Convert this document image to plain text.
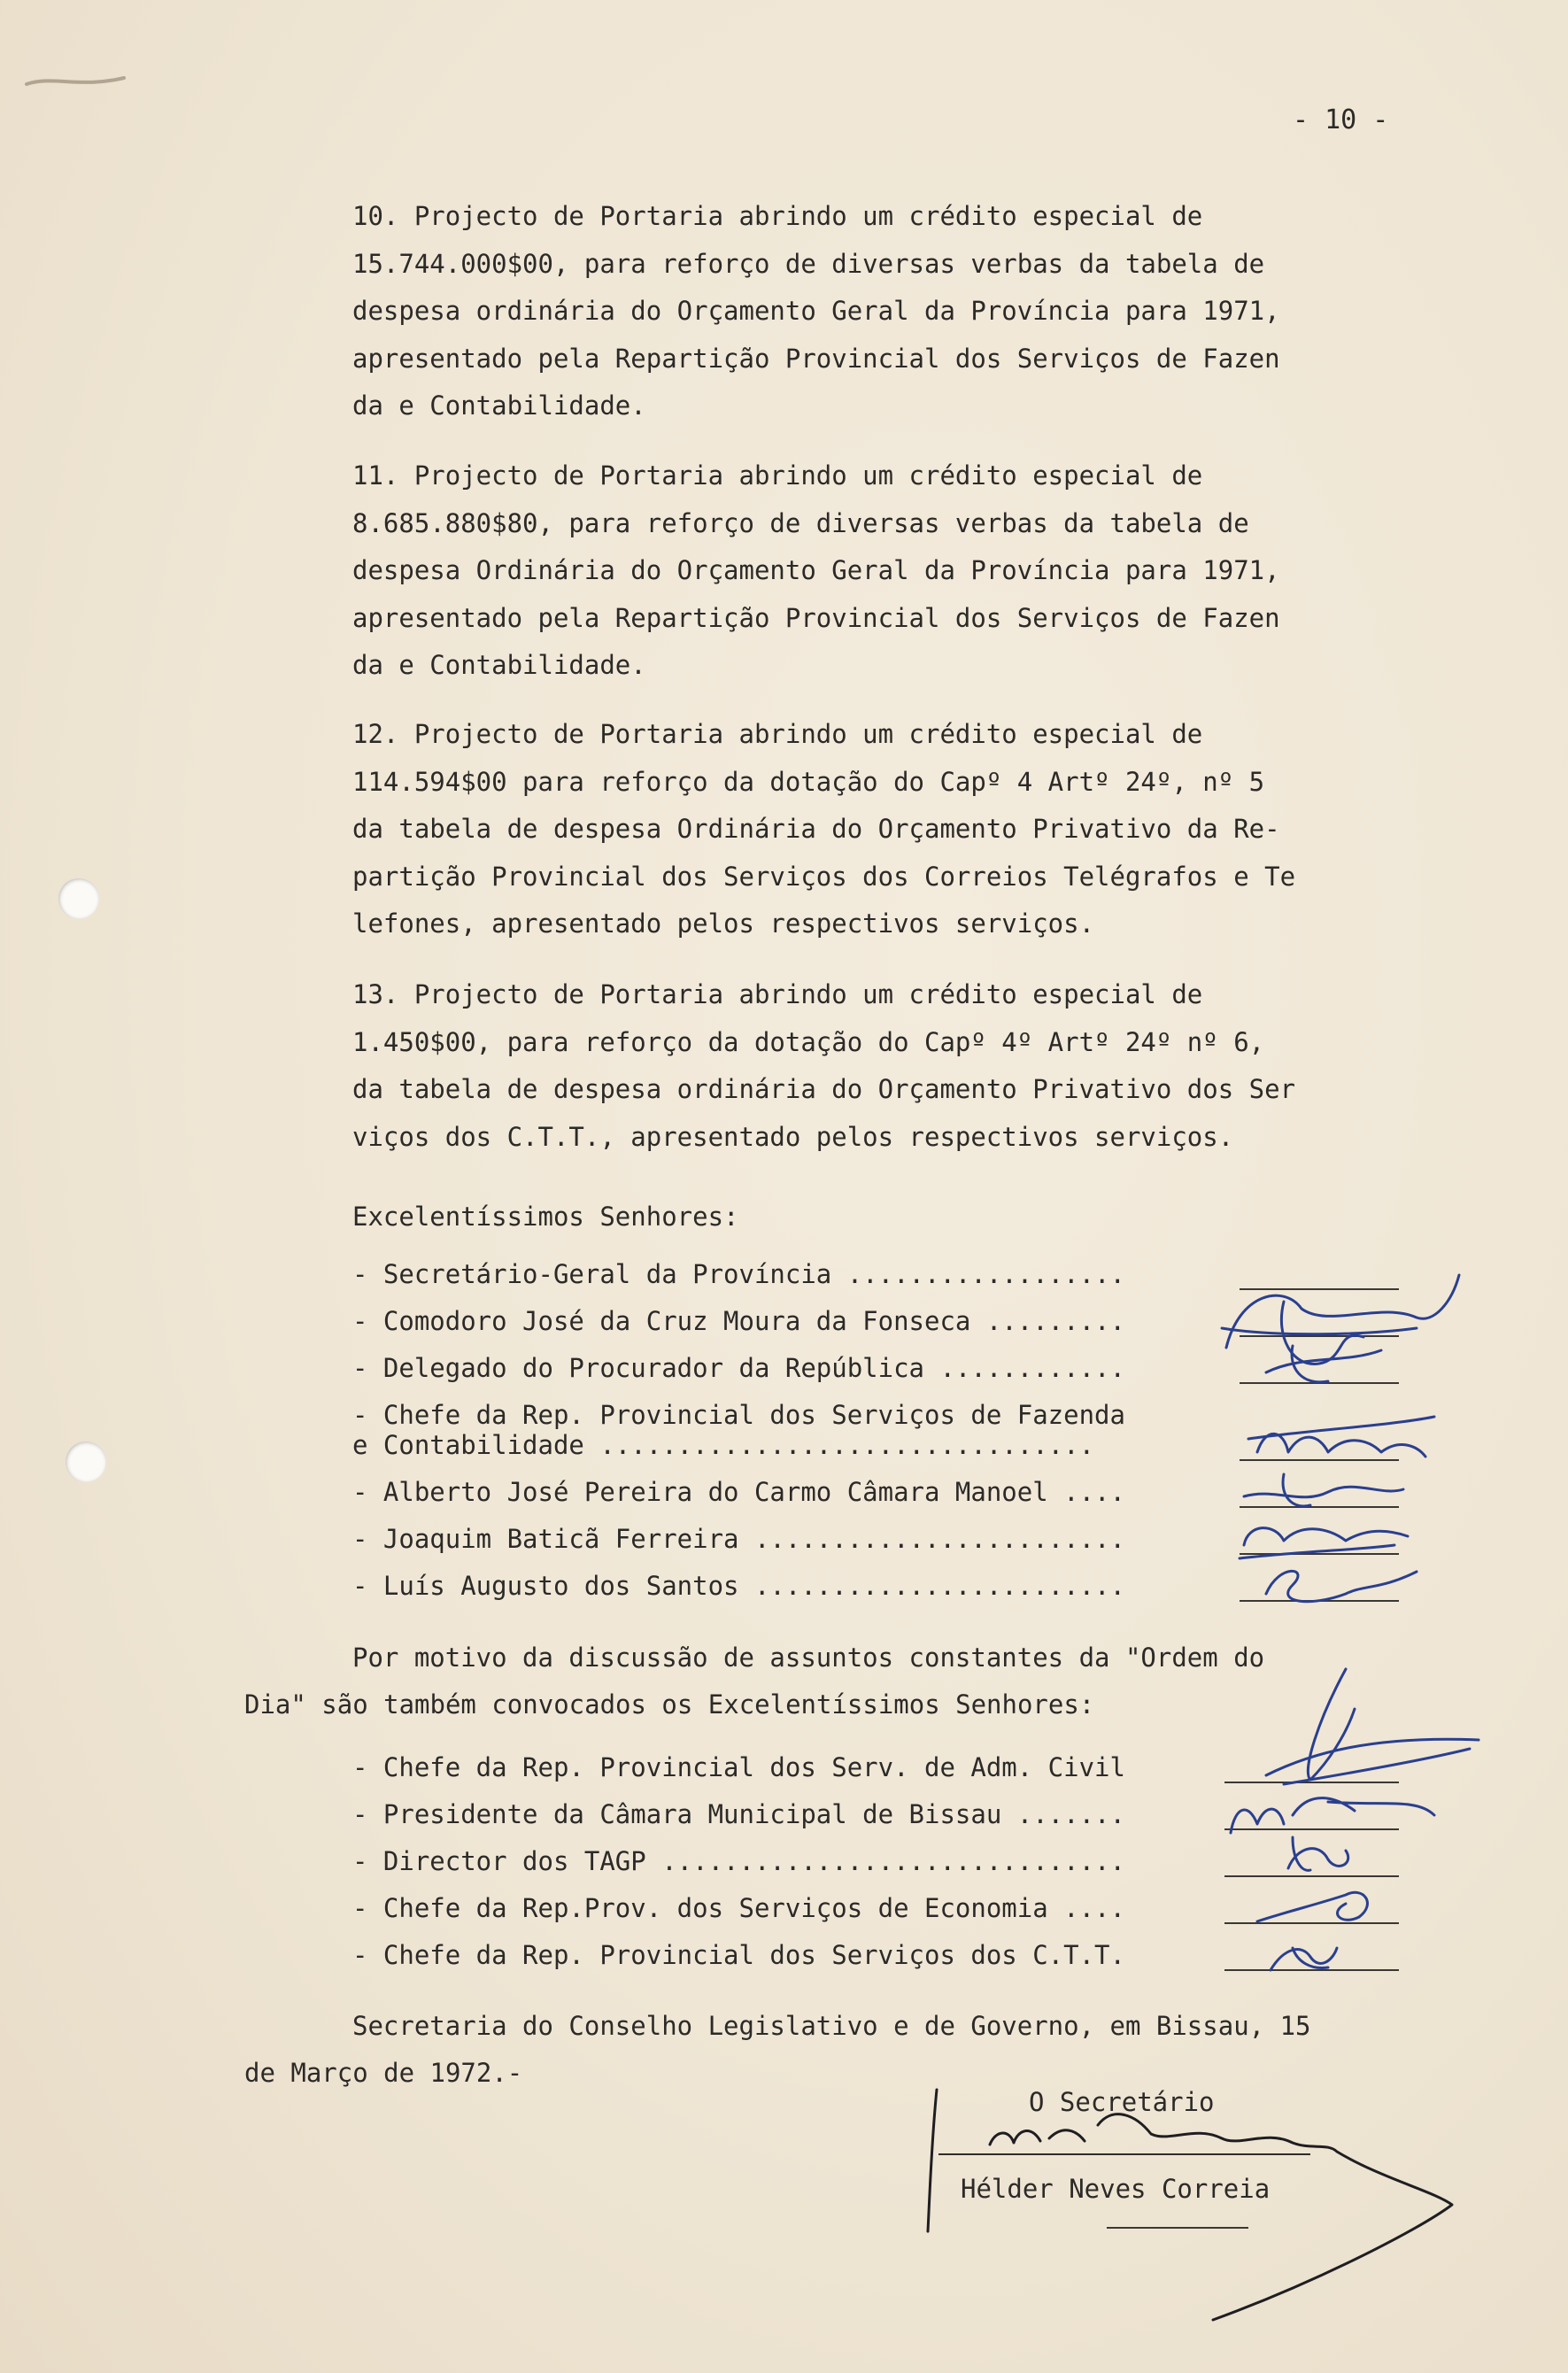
- 10 -
10. Projecto de Portaria abrindo um crédito especial de
15.744.000$00, para reforço de diversas verbas da tabela de
despesa ordinária do Orçamento Geral da Província para 1971,
apresentado pela Repartição Provincial dos Serviços de Fazen
da e Contabilidade.
11. Projecto de Portaria abrindo um crédito especial de
8.685.880$80, para reforço de diversas verbas da tabela de
despesa Ordinária do Orçamento Geral da Província para 1971,
apresentado pela Repartição Provincial dos Serviços de Fazen
da e Contabilidade.
12. Projecto de Portaria abrindo um crédito especial de
114.594$00 para reforço da dotação do Capº 4 Artº 24º, nº 5
da tabela de despesa Ordinária do Orçamento Privativo da Re-
partição Provincial dos Serviços dos Correios Telégrafos e Te
lefones, apresentado pelos respectivos serviços.
13. Projecto de Portaria abrindo um crédito especial de
1.450$00, para reforço da dotação do Capº 4º Artº 24º nº 6,
da tabela de despesa ordinária do Orçamento Privativo dos Ser
viços dos C.T.T., apresentado pelos respectivos serviços.
Excelentíssimos Senhores:
- Secretário-Geral da Província ..................
- Comodoro José da Cruz Moura da Fonseca .........
- Delegado do Procurador da República ............
- Chefe da Rep. Provincial dos Serviços de Fazenda
e Contabilidade ................................
- Alberto José Pereira do Carmo Câmara Manoel ....
- Joaquim Baticã Ferreira ........................
- Luís Augusto dos Santos ........................
Por motivo da discussão de assuntos constantes da "Ordem do
Dia" são também convocados os Excelentíssimos Senhores:
- Chefe da Rep. Provincial dos Serv. de Adm. Civil
- Presidente da Câmara Municipal de Bissau .......
- Director dos TAGP ..............................
- Chefe da Rep.Prov. dos Serviços de Economia ....
- Chefe da Rep. Provincial dos Serviços dos C.T.T.
Secretaria do Conselho Legislativo e de Governo, em Bissau, 15
de Março de 1972.-
O Secretário
Hélder Neves Correia
